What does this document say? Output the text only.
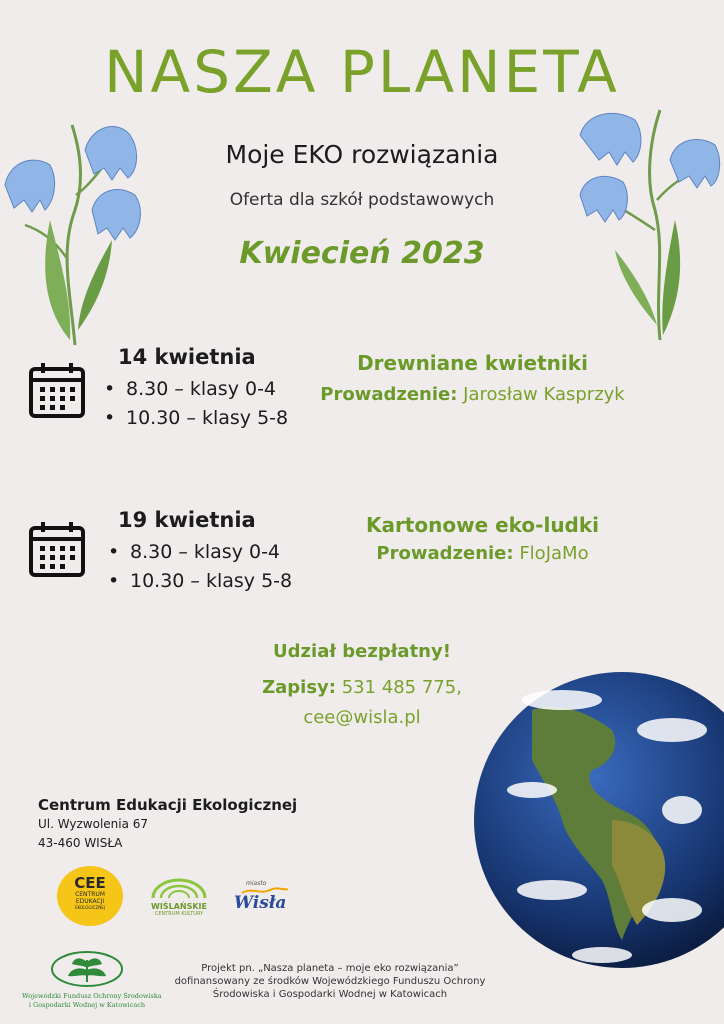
NASZA PLANETA
Moje EKO rozwiązania
Oferta dla szkół podstawowych
Kwiecień 2023
14 kwietnia
• 8.30 – klasy 0-4
• 10.30 – klasy 5-8
Drewniane kwietniki
Prowadzenie: Jarosław Kasprzyk
19 kwietnia
• 8.30 – klasy 0-4
• 10.30 – klasy 5-8
Kartonowe eko-ludki
Prowadzenie: FloJaMo
Udział bezpłatny!
Zapisy: 531 485 775,
cee@wisla.pl
Centrum Edukacji Ekologicznej
Ul. Wyzwolenia 67
43-460 WISŁA
CEE
CENTRUM
EDUKACJI
EKOLOGICZNEJ	WIŚLAŃSKIE
CENTRUM KULTURY
miasto
Wisła
Wojewódzki Fundusz Ochrony Środowiska
i Gospodarki Wodnej w Katowicach
Projekt pn. „Nasza planeta – moje eko rozwiązania”
dofinansowany ze środków Wojewódzkiego Funduszu Ochrony
Środowiska i Gospodarki Wodnej w Katowicach
